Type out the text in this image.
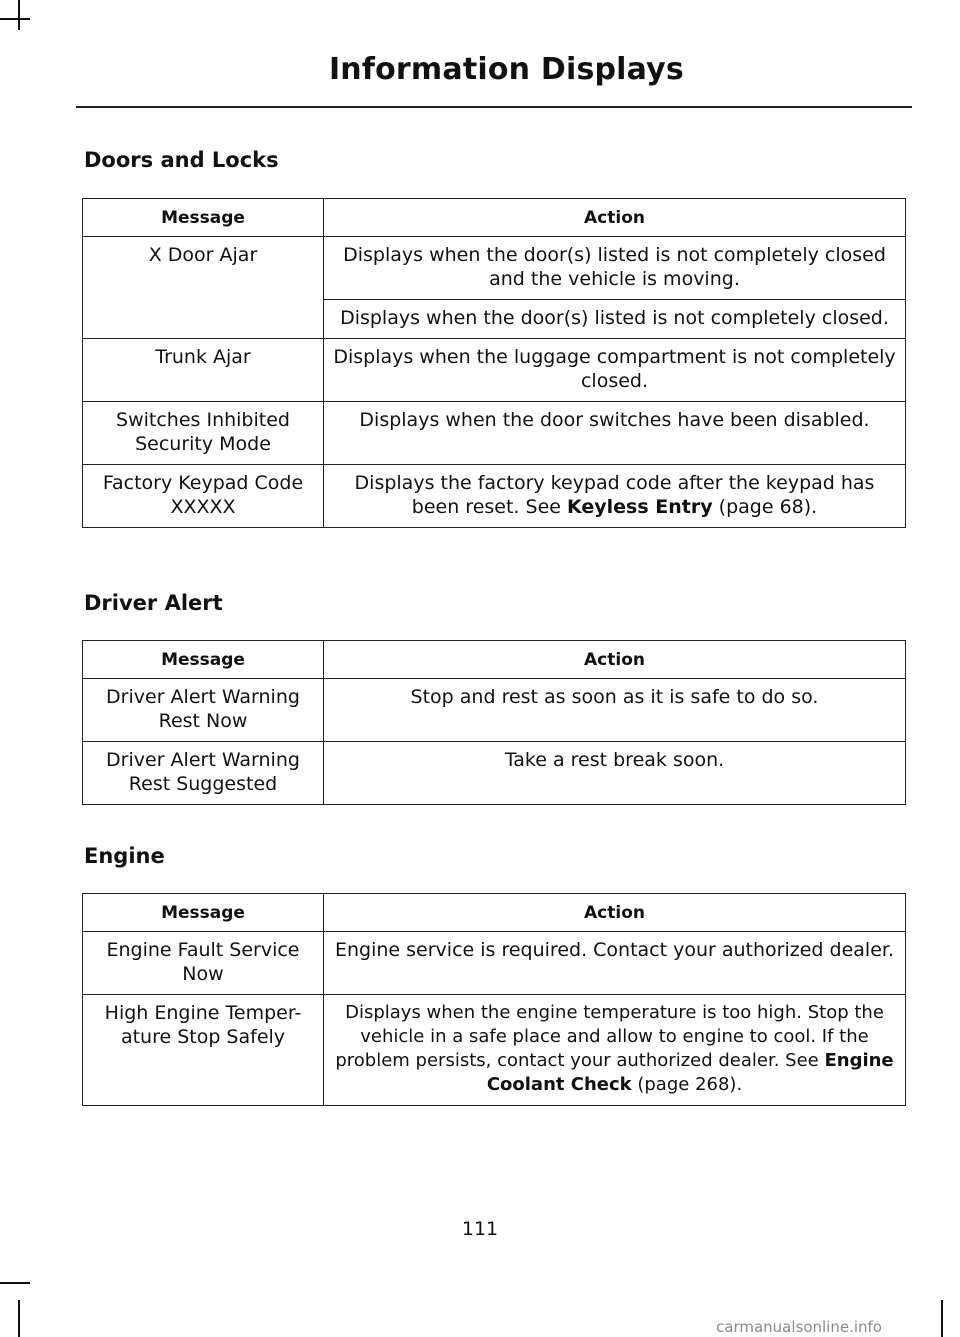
Information Displays
Doors and Locks
Message	Action
X Door Ajar	Displays when the door(s) listed is not completely closed and the vehicle is moving.
	Displays when the door(s) listed is not completely closed.
Trunk Ajar	Displays when the luggage compartment is not completely closed.
Switches Inhibited Security Mode	Displays when the door switches have been disabled.
Factory Keypad Code XXXXX	Displays the factory keypad code after the keypad has been reset. See Keyless Entry (page 68).
Driver Alert
Message	Action
Driver Alert Warning Rest Now	Stop and rest as soon as it is safe to do so.
Driver Alert Warning Rest Suggested	Take a rest break soon.
Engine
Message	Action
Engine Fault Service Now	Engine service is required. Contact your authorized dealer.
High Engine Temper-ature Stop Safely	Displays when the engine temperature is too high. Stop the vehicle in a safe place and allow to engine to cool. If the problem persists, contact your authorized dealer. See Engine Coolant Check (page 268).
111
carmanualsonline.info
